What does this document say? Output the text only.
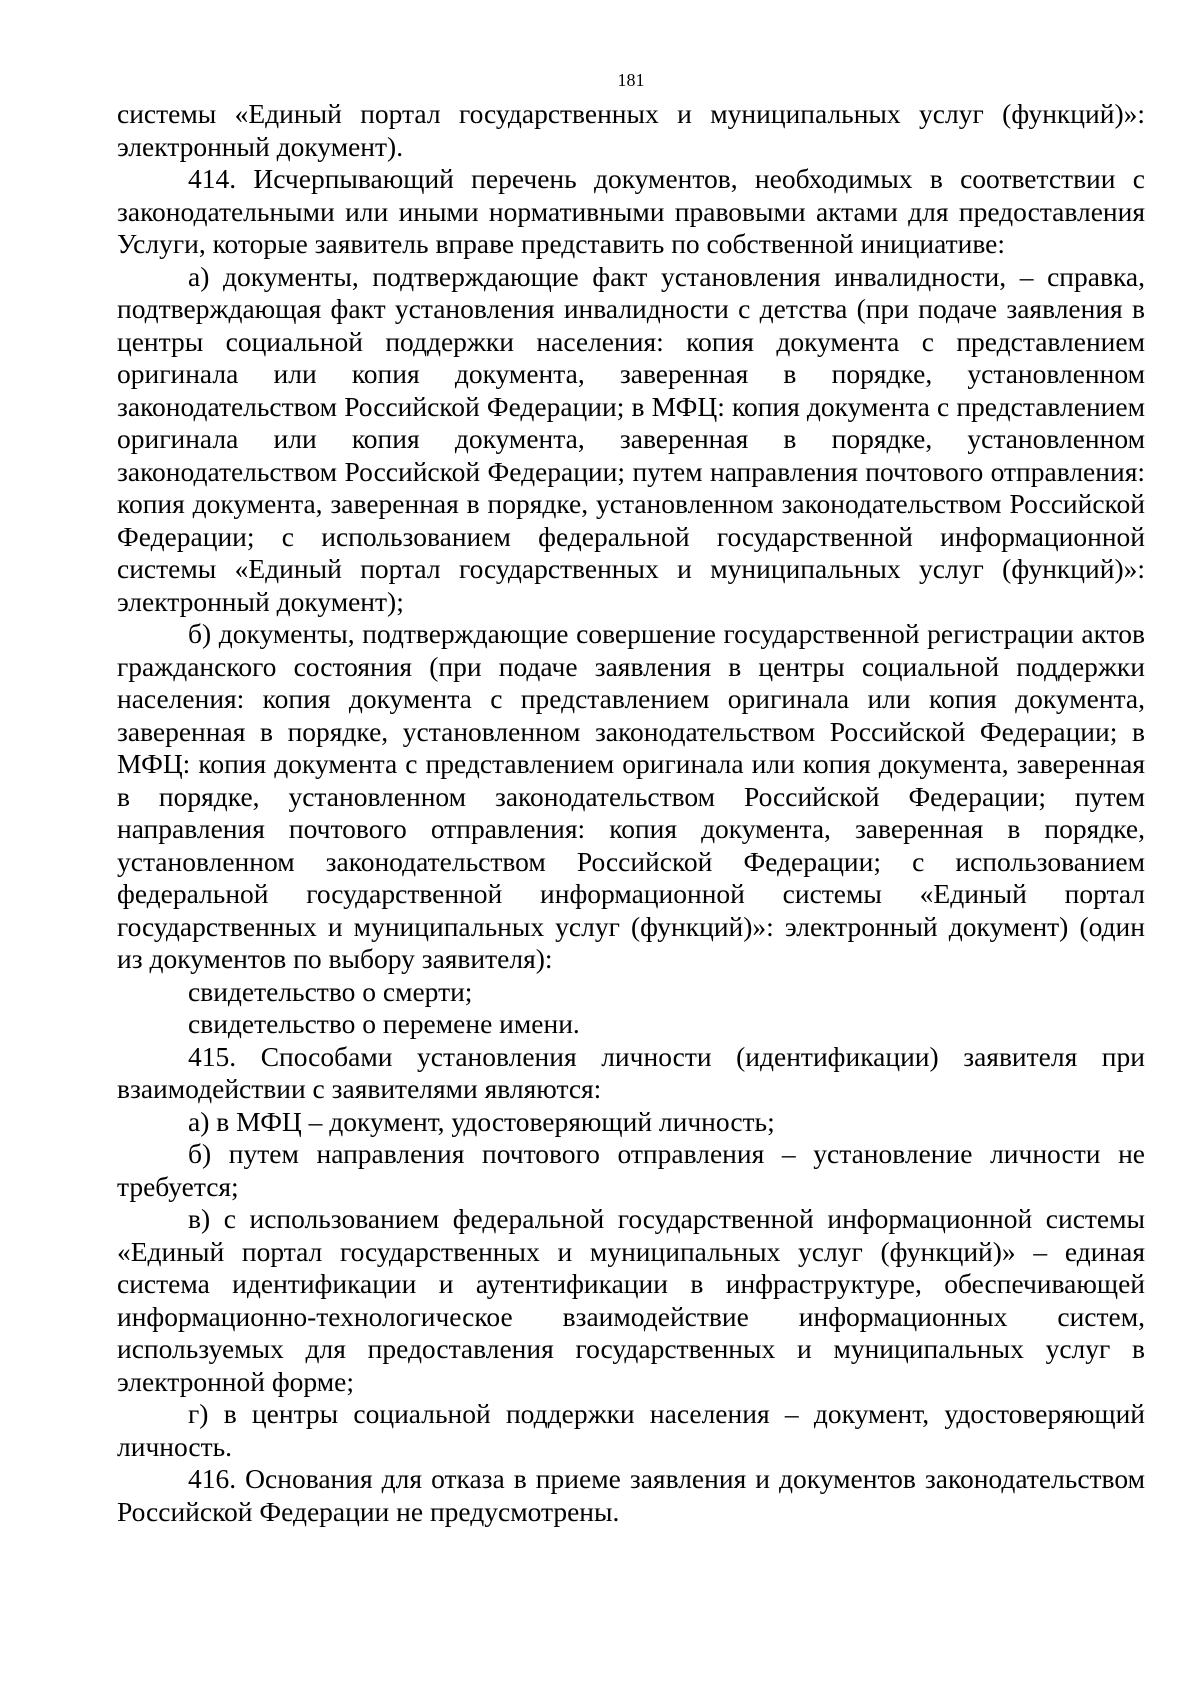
181

системы «Единый портал государственных и муниципальных услуг (функций)»: электронный документ).

414. Исчерпывающий перечень документов, необходимых в соответствии с законодательными или иными нормативными правовыми актами для предоставления Услуги, которые заявитель вправе представить по собственной инициативе:

а) документы, подтверждающие факт установления инвалидности, – справка, подтверждающая факт установления инвалидности с детства (при подаче заявления в центры социальной поддержки населения: копия документа с представлением оригинала или копия документа, заверенная в порядке, установленном законодательством Российской Федерации; в МФЦ: копия документа с представлением оригинала или копия документа, заверенная в порядке, установленном законодательством Российской Федерации; путем направления почтового отправления: копия документа, заверенная в порядке, установленном законодательством Российской Федерации; с использованием федеральной государственной информационной системы «Единый портал государственных и муниципальных услуг (функций)»: электронный документ);

б) документы, подтверждающие совершение государственной регистрации актов гражданского состояния (при подаче заявления в центры социальной поддержки населения: копия документа с представлением оригинала или копия документа, заверенная в порядке, установленном законодательством Российской Федерации; в МФЦ: копия документа с представлением оригинала или копия документа, заверенная в порядке, установленном законодательством Российской Федерации; путем направления почтового отправления: копия документа, заверенная в порядке, установленном законодательством Российской Федерации; с использованием федеральной государственной информационной системы «Единый портал государственных и муниципальных услуг (функций)»: электронный документ) (один из документов по выбору заявителя):

свидетельство о смерти;

свидетельство о перемене имени.

415. Способами установления личности (идентификации) заявителя при взаимодействии с заявителями являются:

а) в МФЦ – документ, удостоверяющий личность;

б) путем направления почтового отправления – установление личности не требуется;

в) с использованием федеральной государственной информационной системы «Единый портал государственных и муниципальных услуг (функций)» – единая система идентификации и аутентификации в инфраструктуре, обеспечивающей информационно-технологическое взаимодействие информационных систем, используемых для предоставления государственных и муниципальных услуг в электронной форме;

г) в центры социальной поддержки населения – документ, удостоверяющий личность.

416. Основания для отказа в приеме заявления и документов законодательством Российской Федерации не предусмотрены.
